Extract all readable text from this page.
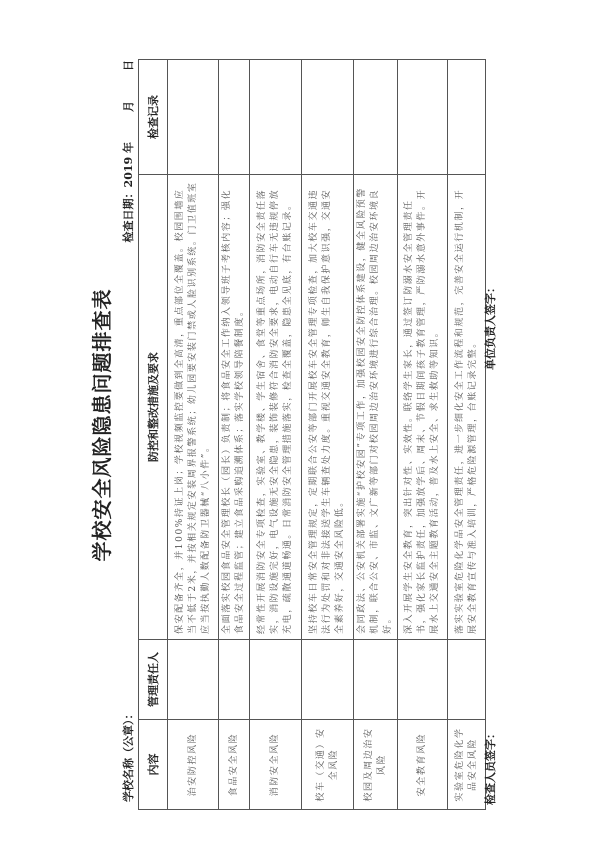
学校安全风险隐患问题排查表
学校名称（公章）：
检查日期：2019 年月日
内容	管理责任人	防控和整改措施及要求	检查记录
治安防控风险		保安配备齐全，并100%持证上岗；学校视频监控要做到全高清，重点部位全覆盖。校园围墙应当不低于2米，并按相关规定安装周界报警系统；幼儿园要安装门禁或人脸识别系统。门卫值班室应当按执勤人数配备防卫器械“八小件”。	
食品安全风险		全面落实校园食品安全管理校长（园长）负责制；将食品安全工作纳入领导班子考核内容；强化食品安全过程监管；建立食品采购追溯体系；落实学校领导陪餐制度。	
消防安全风险		经常性开展消防安全专项检查，实验室、教学楼、学生宿舍、食堂等重点场所，消防安全责任落实，消防设施完好，电气设施无安全隐患，装饰装修符合消防安全要求，电动自行车无违规停放充电，疏散通道畅通。日常消防安全管理措施落实，检查全覆盖，隐患全见底，有台账记录。	
校车（交通）安全风险		坚持校车日常安全管理规定，定期联合公安等部门开展校车安全管理专项检查，加大校车交通违法行为处罚和对非法接送学生车辆查处力度。重视交通安全教育，师生自我保护意识强，交通安全素养好，交通安全风险低。	
校园及周边治安风险		会同政法、公安机关部署实施“护校安园”专项工作，加强校园安全防控体系建设，健全风险预警机制，联合公安、市监、文广新等部门对校园周边治安环境进行综合治理。校园周边治安环境良好。	
安全教育风险		深入开展学生安全教育，突出针对性、实效性。联络学生家长，通过签订防溺水安全管理责任书，强化家长监护责任，加强放学后、周末、节假日期间孩子教育管理，严防溺水意外事件。开展水上交通安全主题教育活动，普及水上安全、求生救助等知识。	
实验室危险化学品安全风险		落实实验室危险化学品安全管理责任，进一步细化安全工作流程和规范，完善安全运行机制，开展安全教育宣传与准入培训，严格危险源管理，台账记录完整。	
检查人员签字：
单位负责人签字：
